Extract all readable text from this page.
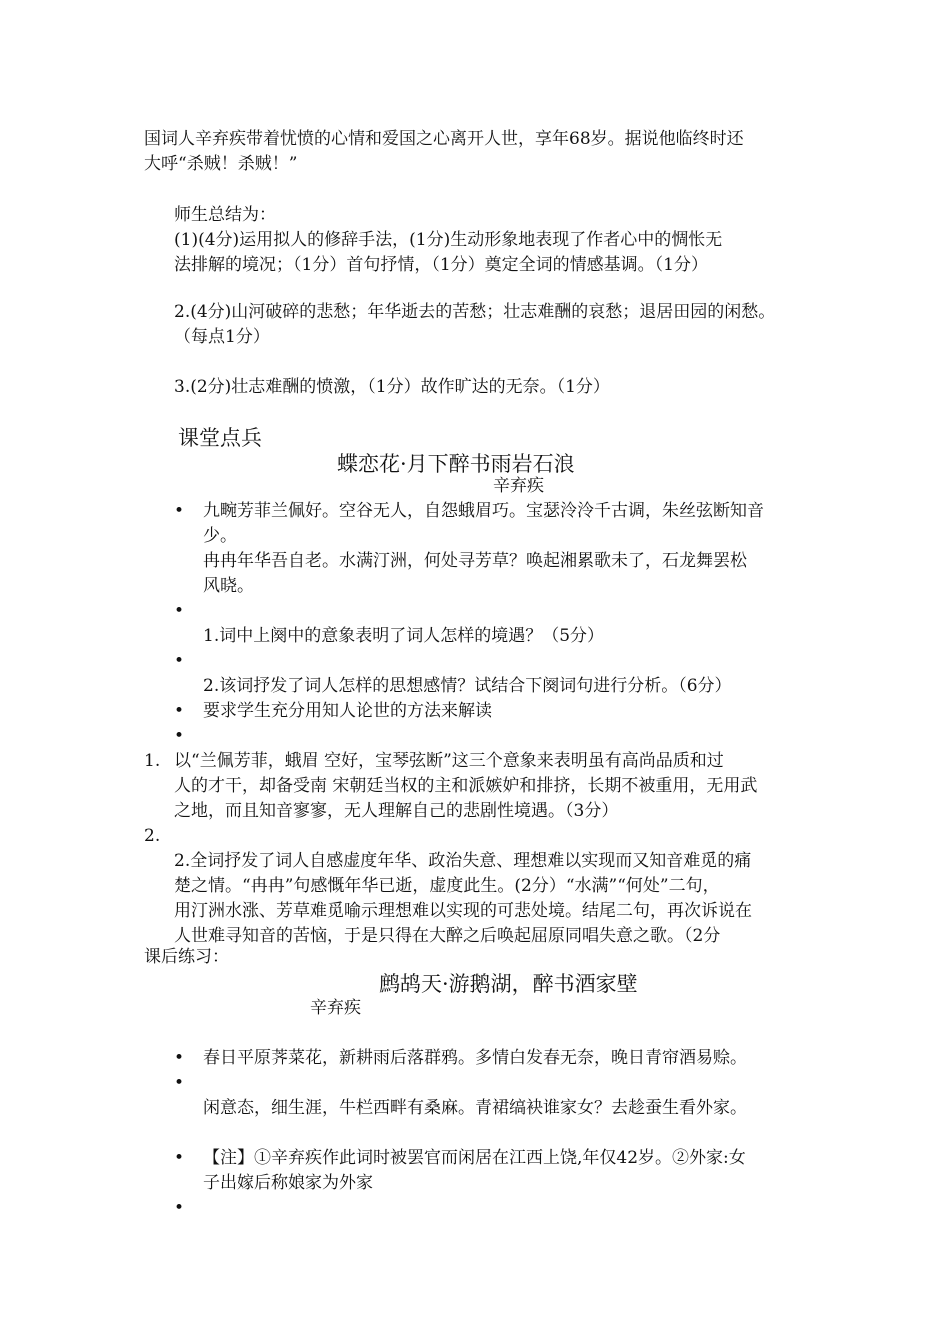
国词人辛弃疾带着忧愤的心情和爱国之心离开人世，享年68岁。据说他临终时还
大呼“杀贼！杀贼！”
师生总结为：
(1)(4分)运用拟人的修辞手法，(1分)生动形象地表现了作者心中的惆怅无
法排解的境况；（1分）首句抒情，（1分）奠定全词的情感基调。（1分）
2.(4分)山河破碎的悲愁；年华逝去的苦愁；壮志难酬的哀愁；退居田园的闲愁。
（每点1分）
3.(2分)壮志难酬的愤激，（1分）故作旷达的无奈。（1分）
课堂点兵
蝶恋花·月下醉书雨岩石浪
辛弃疾
• 九畹芳菲兰佩好。空谷无人，自怨蛾眉巧。宝瑟泠泠千古调，朱丝弦断知音
少。
冉冉年华吾自老。水满汀洲，何处寻芳草？唤起湘累歌未了，石龙舞罢松
风晓。
•
1.词中上阕中的意象表明了词人怎样的境遇？（5分）
•
2.该词抒发了词人怎样的思想感情？试结合下阕词句进行分析。（6分）
• 要求学生充分用知人论世的方法来解读
•
1. 以“兰佩芳菲，蛾眉 空好，宝琴弦断”这三个意象来表明虽有高尚品质和过
人的才干，却备受南 宋朝廷当权的主和派嫉妒和排挤，长期不被重用，无用武
之地，而且知音寥寥，无人理解自己的悲剧性境遇。（3分）
2.
2.全词抒发了词人自感虚度年华、政治失意、理想难以实现而又知音难觅的痛
楚之情。“冉冉”句感慨年华已逝，虚度此生。(2分）“水满”“何处”二句，
用汀洲水涨、芳草难觅喻示理想难以实现的可悲处境。结尾二句，再次诉说在
人世难寻知音的苦恼，于是只得在大醉之后唤起屈原同唱失意之歌。（2分
课后练习：
鹧鸪天·游鹅湖，醉书酒家壁
辛弃疾
• 春日平原荠菜花，新耕雨后落群鸦。多情白发春无奈，晚日青帘酒易赊。
•
闲意态，细生涯，牛栏西畔有桑麻。青裙缟袂谁家女？去趁蚕生看外家。
• 【注】①辛弃疾作此词时被罢官而闲居在江西上饶,年仅42岁。②外家:女
子出嫁后称娘家为外家
•
